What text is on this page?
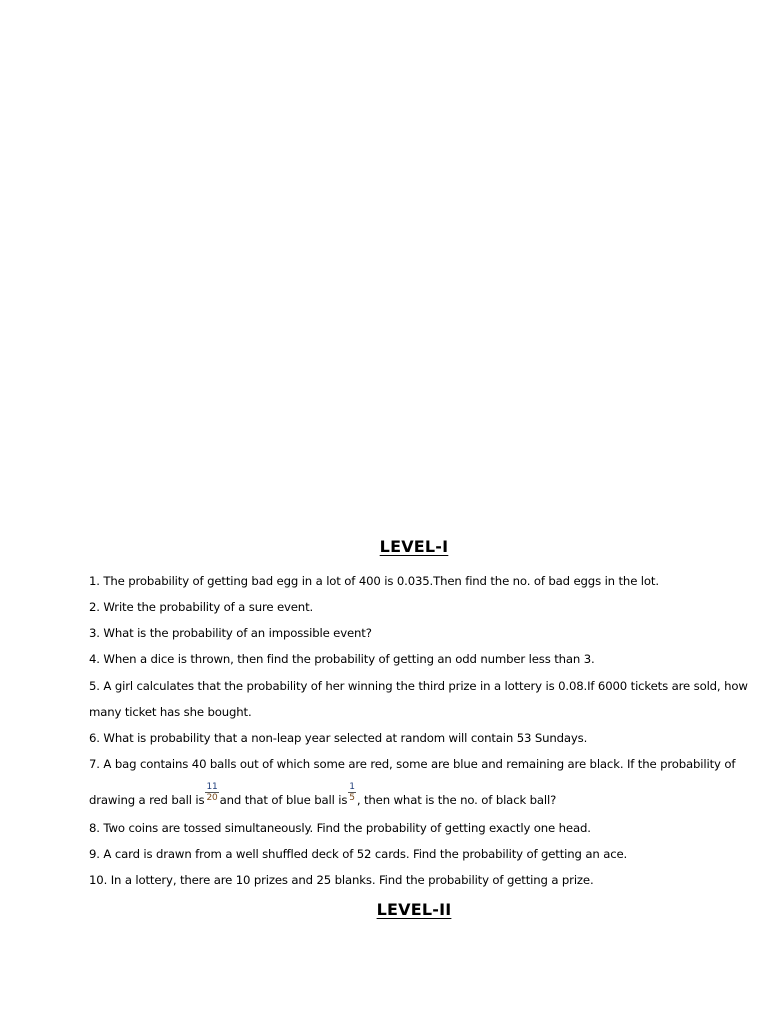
LEVEL-I
1. The probability of getting bad egg in a lot of 400 is 0.035.Then find the no. of bad eggs in the lot.
2. Write the probability of a sure event.
3. What is the probability of an impossible event?
4. When a dice is thrown, then find the probability of getting an odd number less than 3.
5. A girl calculates that the probability of her winning the third prize in a lottery is 0.08.If 6000 tickets are sold, how
many ticket has she bought.
6. What is probability that a non-leap year selected at random will contain 53 Sundays.
7. A bag contains 40 balls out of which some are red, some are blue and remaining are black. If the probability of
drawing a red ball is $\frac{11}{20}$ and that of blue ball is $\frac{1}{5}$ , then what is the no. of black ball?
8. Two coins are tossed simultaneously. Find the probability of getting exactly one head.
9. A card is drawn from a well shuffled deck of 52 cards. Find the probability of getting an ace.
10. In a lottery, there are 10 prizes and 25 blanks. Find the probability of getting a prize.
LEVEL-II
